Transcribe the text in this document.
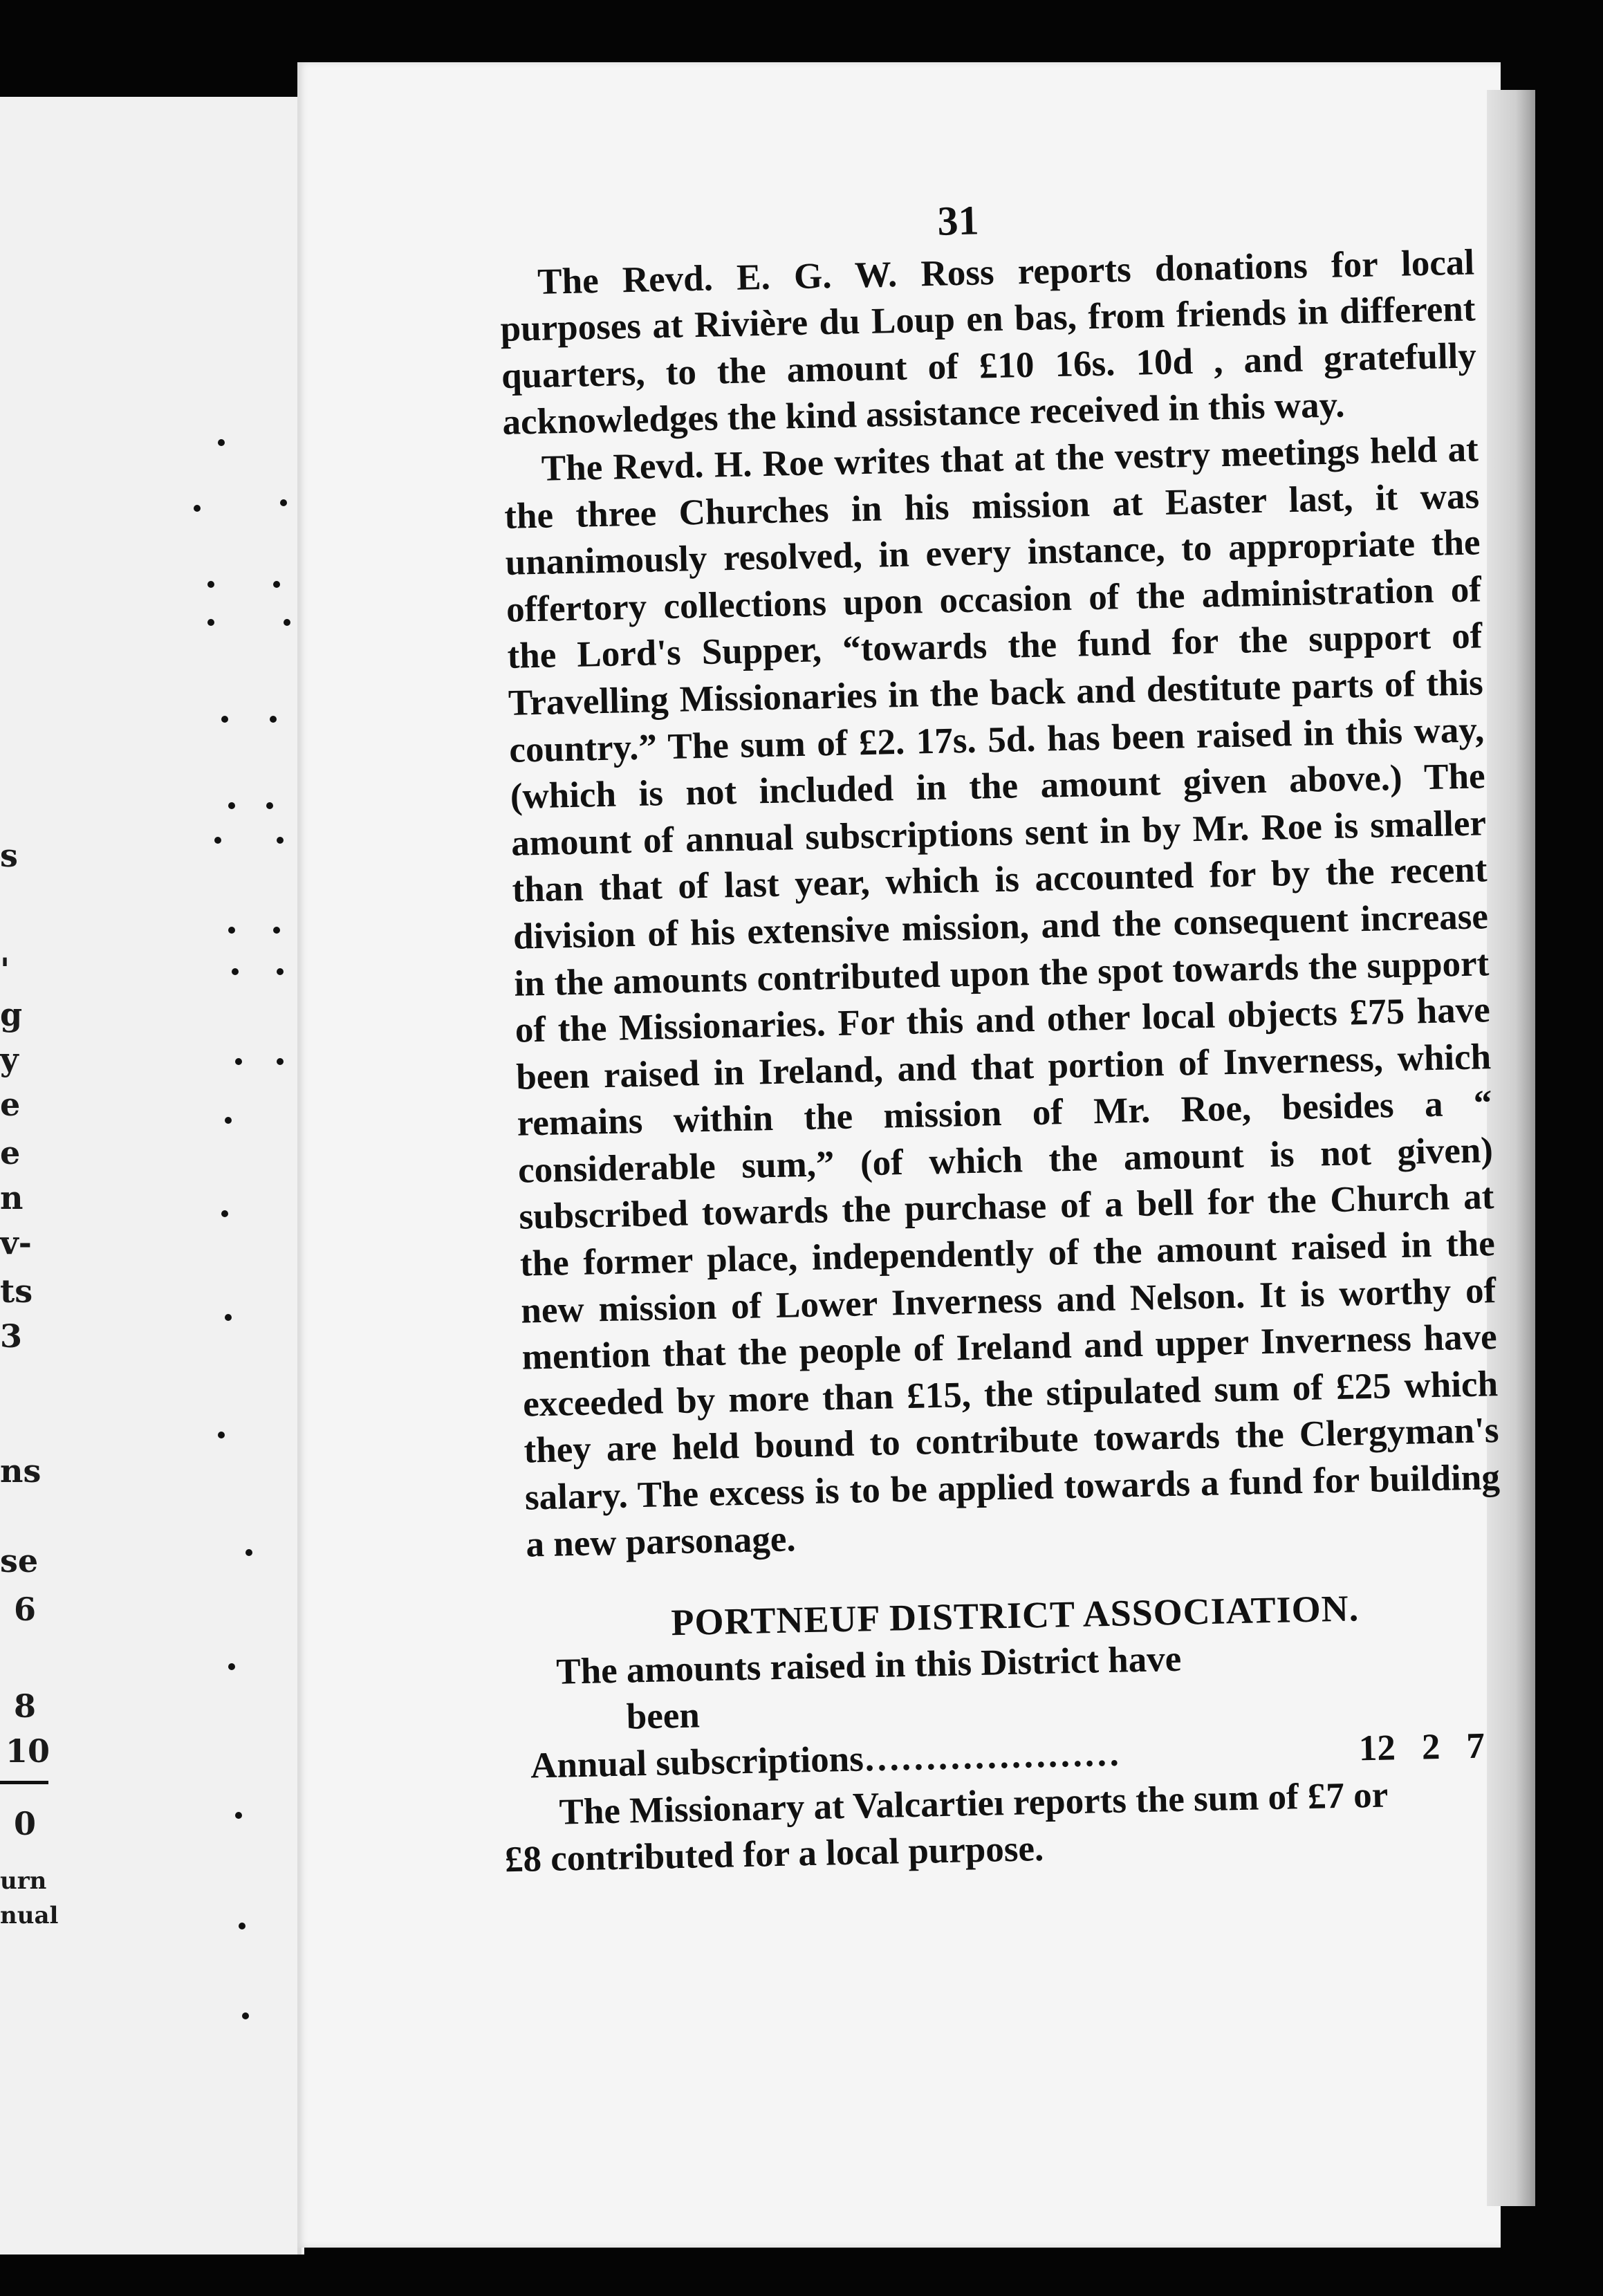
s
'
g
y
e
e
n
v-
ts
3
ns
se
6
8
10
0
urn
nual
31

The Revd. E. G. W. Ross reports donations for local purposes at Rivière du Loup en bas, from friends in different quarters, to the amount of £10 16s. 10d , and gratefully acknowledges the kind assistance received in this way.

The Revd. H. Roe writes that at the vestry meetings held at the three Churches in his mission at Easter last, it was unanimously resolved, in every instance, to appropriate the offertory collections upon occasion of the administration of the Lord's Supper, “towards the fund for the support of Travelling Missionaries in the back and destitute parts of this country.” The sum of £2. 17s. 5d. has been raised in this way, (which is not included in the amount given above.) The amount of annual subscriptions sent in by Mr. Roe is smaller than that of last year, which is accounted for by the recent division of his extensive mission, and the consequent increase in the amounts contributed upon the spot towards the support of the Missionaries. For this and other local objects £75 have been raised in Ireland, and that portion of Inverness, which remains within the mission of Mr. Roe, besides a “ considerable sum,” (of which the amount is not given) subscribed towards the purchase of a bell for the Church at the former place, independently of the amount raised in the new mission of Lower Inverness and Nelson. It is worthy of mention that the people of Ireland and upper Inverness have exceeded by more than £15, the stipulated sum of £25 which they are held bound to contribute towards the Clergyman's salary. The excess is to be applied towards a fund for building a new parsonage.

PORTNEUF DISTRICT ASSOCIATION.
The amounts raised in this District have
been
Annual subscriptions…………………	12 2 7

The Missionary at Valcartieı reports the sum of £7 or
£8 contributed for a local purpose.
